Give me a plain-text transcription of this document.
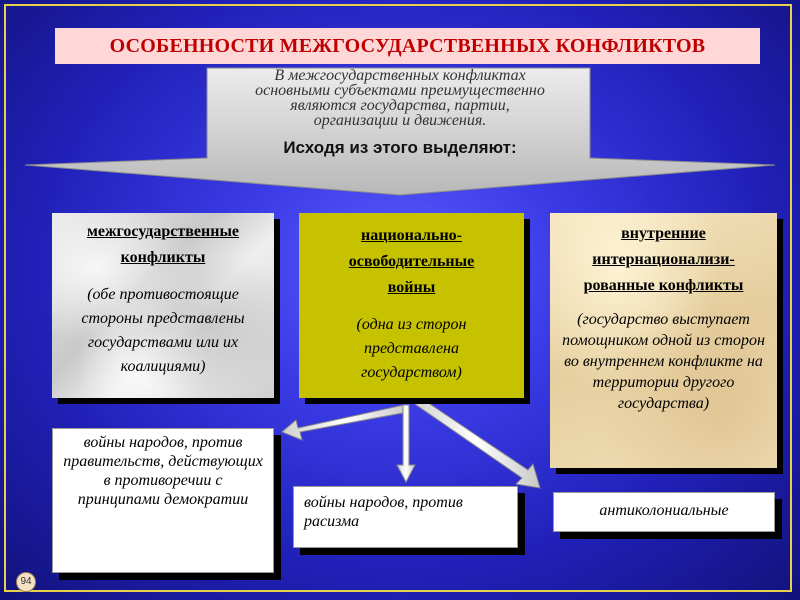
ОСОБЕННОСТИ МЕЖГОСУДАРСТВЕННЫХ КОНФЛИКТОВ
В межгосударственных конфликтах
основными субъектами преимущественно
являются государства, партии,
организации и движения.
Исходя из этого выделяют:
межгосударственные
конфликты
(обе противостоящие стороны представлены государствами или их коалициями)
национально-
освободительные
войны
(одна из сторон представлена государством)
внутренние
интернационализи-
рованные конфликты
(государство выступает помощником одной из сторон во внутреннем конфликте на территории другого государства)
войны народов, против правительств, действующих в противоречии с принципами демократии	войны народов, против расизма
антиколониальные
94
